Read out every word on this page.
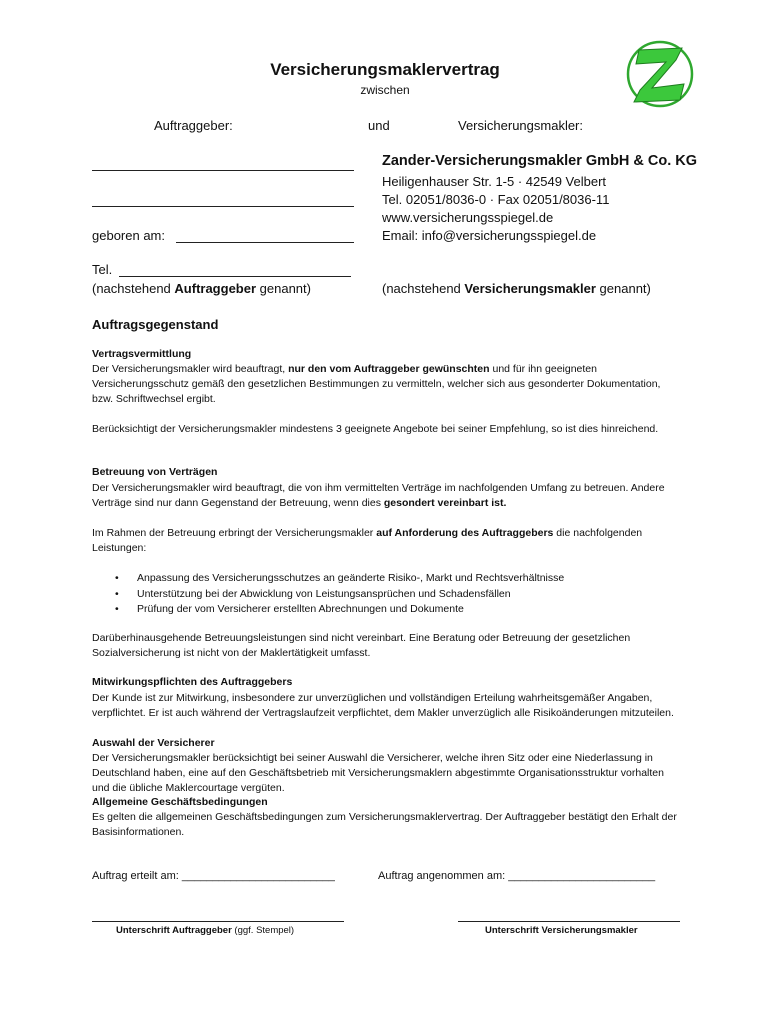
Versicherungsmaklervertrag
zwischen
Auftraggeber:	und	Versicherungsmakler:
geboren am:
Tel.
(nachstehend Auftraggeber genannt)
Zander-Versicherungsmakler GmbH & Co. KG
Heiligenhauser Str. 1-5 · 42549 Velbert
Tel. 02051/8036-0 · Fax 02051/8036-11
www.versicherungsspiegel.de
Email: info@versicherungsspiegel.de
(nachstehend Versicherungsmakler genannt)
Auftragsgegenstand
Vertragsvermittlung
Der Versicherungsmakler wird beauftragt, nur den vom Auftraggeber gewünschten und für ihn geeigneten Versicherungsschutz gemäß den gesetzlichen Bestimmungen zu vermitteln, welcher sich aus gesonderter Dokumentation, bzw. Schriftwechsel ergibt.
Berücksichtigt der Versicherungsmakler mindestens 3 geeignete Angebote bei seiner Empfehlung, so ist dies hinreichend.
Betreuung von Verträgen
Der Versicherungsmakler wird beauftragt, die von ihm vermittelten Verträge im nachfolgenden Umfang zu betreuen. Andere Verträge sind nur dann Gegenstand der Betreuung, wenn dies gesondert vereinbart ist.
Im Rahmen der Betreuung erbringt der Versicherungsmakler auf Anforderung des Auftraggebers die nachfolgenden Leistungen:
• Anpassung des Versicherungsschutzes an geänderte Risiko-, Markt und Rechtsverhältnisse
• Unterstützung bei der Abwicklung von Leistungsansprüchen und Schadensfällen
• Prüfung der vom Versicherer erstellten Abrechnungen und Dokumente
Darüberhinausgehende Betreuungsleistungen sind nicht vereinbart. Eine Beratung oder Betreuung der gesetzlichen Sozialversicherung ist nicht von der Maklertätigkeit umfasst.
Mitwirkungspflichten des Auftraggebers
Der Kunde ist zur Mitwirkung, insbesondere zur unverzüglichen und vollständigen Erteilung wahrheitsgemäßer Angaben, verpflichtet. Er ist auch während der Vertragslaufzeit verpflichtet, dem Makler unverzüglich alle Risikoänderungen mitzuteilen.
Auswahl der Versicherer
Der Versicherungsmakler berücksichtigt bei seiner Auswahl die Versicherer, welche ihren Sitz oder eine Niederlassung in Deutschland haben, eine auf den Geschäftsbetrieb mit Versicherungsmaklern abgestimmte Organisationsstruktur vorhalten und die übliche Maklercourtage vergüten.
Allgemeine Geschäftsbedingungen
Es gelten die allgemeinen Geschäftsbedingungen zum Versicherungsmaklervertrag. Der Auftraggeber bestätigt den Erhalt der Basisinformationen.
Auftrag erteilt am: _________________________	Auftrag angenommen am: ________________________
Unterschrift Auftraggeber (ggf. Stempel)	Unterschrift Versicherungsmakler
